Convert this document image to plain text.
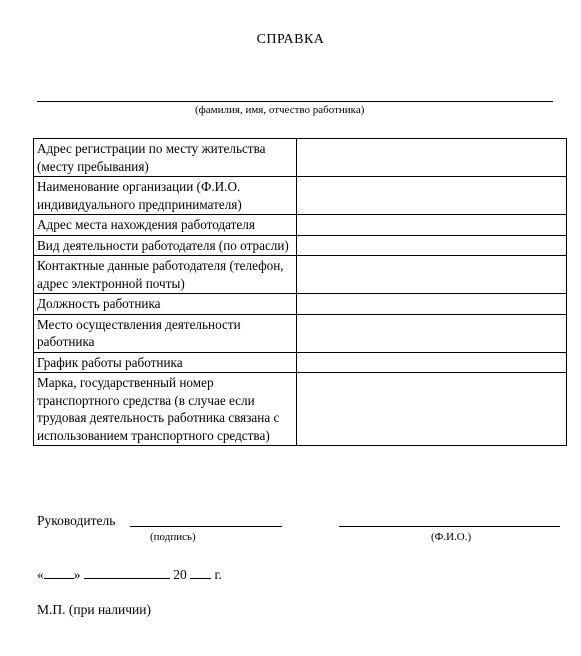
СПРАВКА
(фамилия, имя, отчество работника)
Адрес регистрации по месту жительства (месту пребывания)	
Наименование организации (Ф.И.О. индивидуального предпринимателя)	
Адрес места нахождения работодателя	
Вид деятельности работодателя (по отрасли)	
Контактные данные работодателя (телефон, адрес электронной почты)	
Должность работника	
Место осуществления деятельности работника	
График работы работника	
Марка, государственный номер транспортного средства (в случае если трудовая деятельность работника связана с использованием транспортного средства)	
Руководитель
(подпись)	(Ф.И.О.)
« »	20 г.
М.П. (при наличии)
